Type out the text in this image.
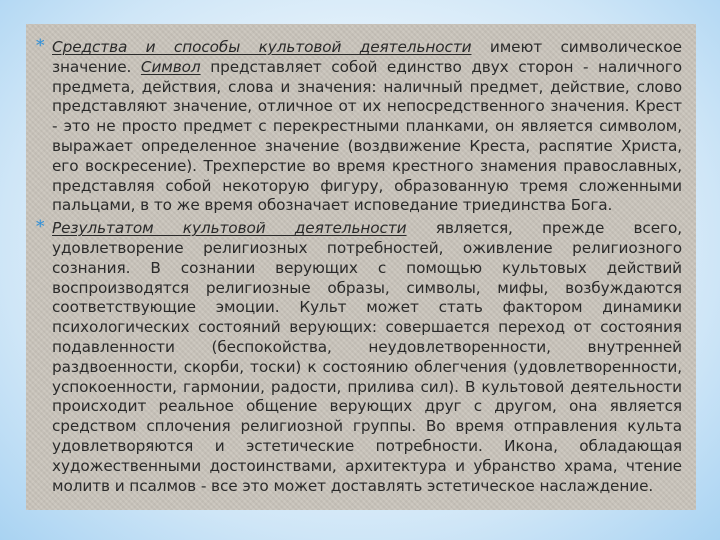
* Средства и способы культовой деятельности имеют символическое значение. Символ представляет собой единство двух сторон - наличного предмета, действия, слова и значения: наличный предмет, действие, слово представляют значение, отличное от их непосредственного значения. Крест - это не просто предмет с перекрестными планками, он является символом, выражает определенное значение (воздвижение Креста, распятие Христа, его воскресение). Трехперстие во время крестного знамения православных, представляя собой некоторую фигуру, образованную тремя сложенными пальцами, в то же время обозначает исповедание триединства Бога.

* Результатом культовой деятельности является, прежде всего, удовлетворение религиозных потребностей, оживление религиозного сознания. В сознании верующих с помощью культовых действий воспроизводятся религиозные образы, символы, мифы, возбуждаются соответствующие эмоции. Культ может стать фактором динамики психологических состояний верующих: совершается переход от состояния подавленности (беспокойства, неудовлетворенности, внутренней раздвоенности, скорби, тоски) к состоянию облегчения (удовлетворенности, успокоенности, гармонии, радости, прилива сил). В культовой деятельности происходит реальное общение верующих друг с другом, она является средством сплочения религиозной группы. Во время отправления культа удовлетворяются и эстетические потребности. Икона, обладающая художественными достоинствами, архитектура и убранство храма, чтение молитв и псалмов - все это может доставлять эстетическое наслаждение.
